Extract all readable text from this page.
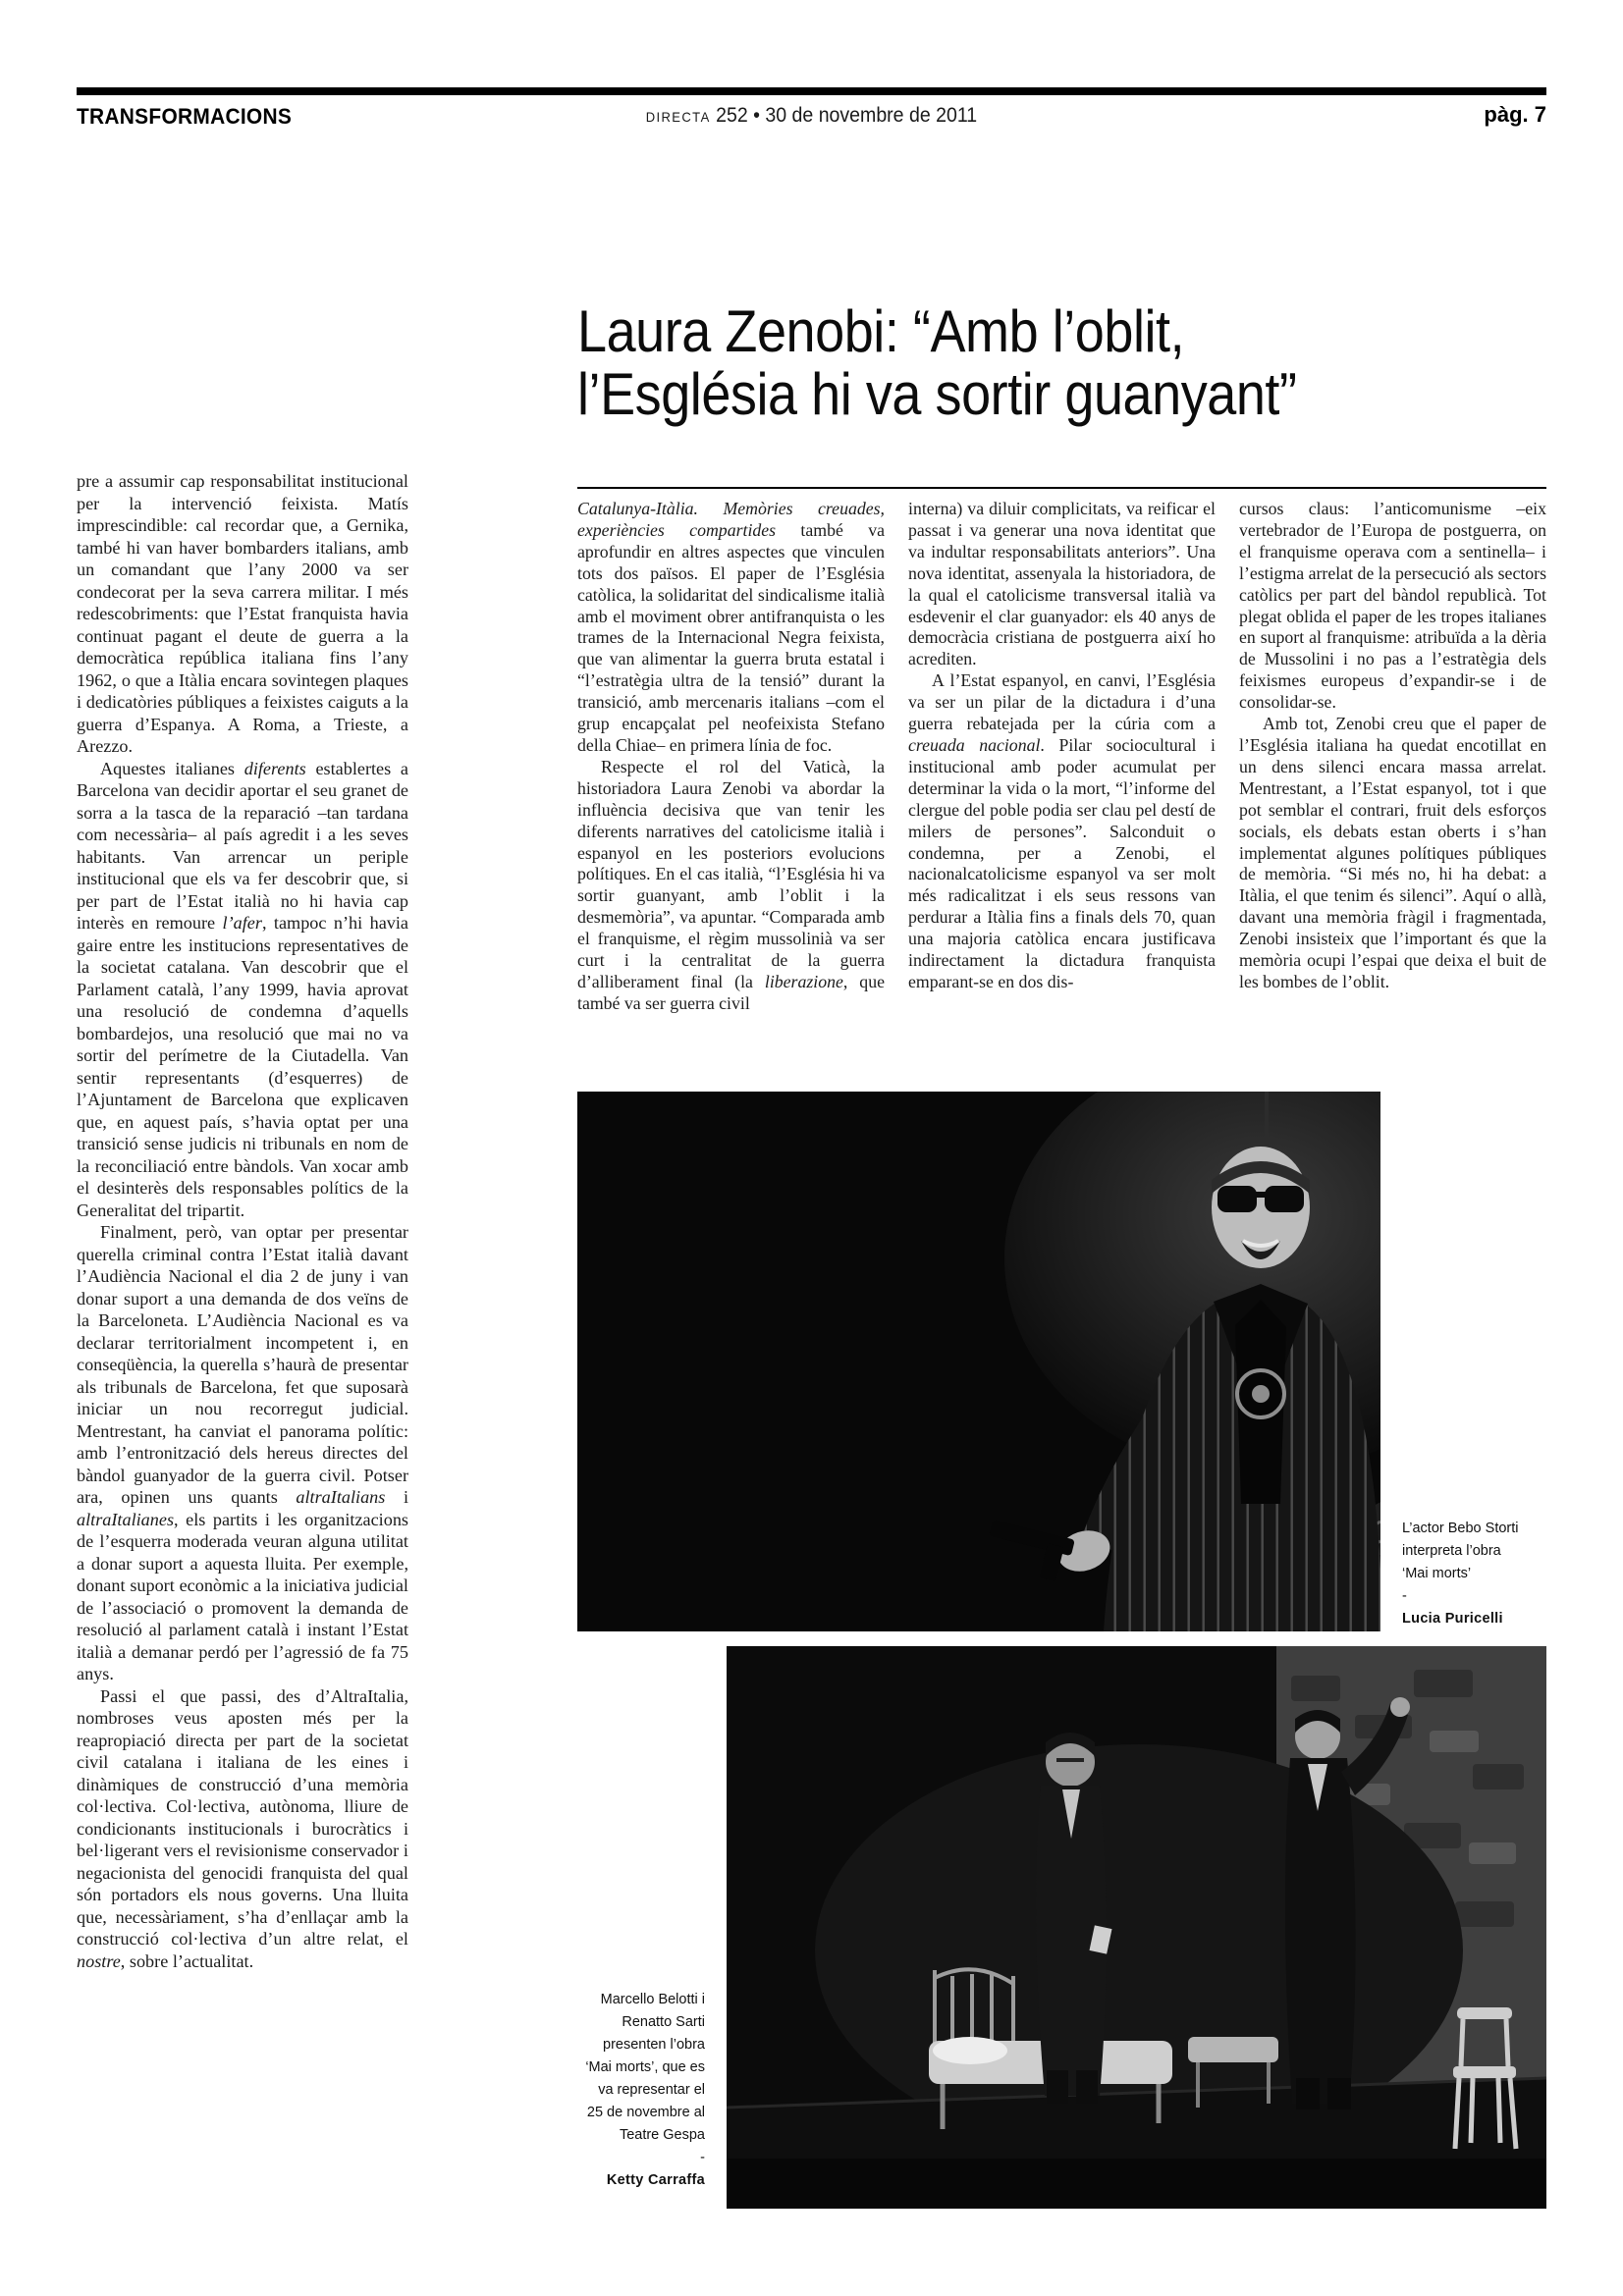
TRANSFORMACIONS	DIRECTA 252 • 30 de novembre de 2011	pàg. 7

pre a assumir cap responsabilitat institucional per la intervenció feixista. Matís imprescindible: cal recordar que, a Gernika, també hi van haver bombarders italians, amb un comandant que l’any 2000 va ser condecorat per la seva carrera militar. I més redescobriments: que l’Estat franquista havia continuat pagant el deute de guerra a la democràtica república italiana fins l’any 1962, o que a Itàlia encara sovintegen plaques i dedicatòries públiques a feixistes caiguts a la guerra d’Espanya. A Roma, a Trieste, a Arezzo.

Aquestes italianes diferents establertes a Barcelona van decidir aportar el seu granet de sorra a la tasca de la reparació –tan tardana com necessària– al país agredit i a les seves habitants. Van arrencar un periple institucional que els va fer descobrir que, si per part de l’Estat italià no hi havia cap interès en remoure l’afer, tampoc n’hi havia gaire entre les institucions representatives de la societat catalana. Van descobrir que el Parlament català, l’any 1999, havia aprovat una resolució de condemna d’aquells bombardejos, una resolució que mai no va sortir del perímetre de la Ciutadella. Van sentir representants (d’esquerres) de l’Ajuntament de Barcelona que explicaven que, en aquest país, s’havia optat per una transició sense judicis ni tribunals en nom de la reconciliació entre bàndols. Van xocar amb el desinterès dels responsables polítics de la Generalitat del tripartit.

Finalment, però, van optar per presentar querella criminal contra l’Estat italià davant l’Audiència Nacional el dia 2 de juny i van donar suport a una demanda de dos veïns de la Barceloneta. L’Audiència Nacional es va declarar territorialment incompetent i, en conseqüència, la querella s’haurà de presentar als tribunals de Barcelona, fet que suposarà iniciar un nou recorregut judicial. Mentrestant, ha canviat el panorama polític: amb l’entronització dels hereus directes del bàndol guanyador de la guerra civil. Potser ara, opinen uns quants altraItalians i altraItalianes, els partits i les organitzacions de l’esquerra moderada veuran alguna utilitat a donar suport a aquesta lluita. Per exemple, donant suport econòmic a la iniciativa judicial de l’associació o promovent la demanda de resolució al parlament català i instant l’Estat italià a demanar perdó per l’agressió de fa 75 anys.

Passi el que passi, des d’AltraItalia, nombroses veus aposten més per la reapropiació directa per part de la societat civil catalana i italiana de les eines i dinàmiques de construcció d’una memòria col·lectiva. Col·lectiva, autònoma, lliure de condicionants institucionals i burocràtics i bel·ligerant vers el revisionisme conservador i negacionista del genocidi franquista del qual són portadors els nous governs. Una lluita que, necessàriament, s’ha d’enllaçar amb la construcció col·lectiva d’un altre relat, el nostre, sobre l’actualitat.

Laura Zenobi: “Amb l’oblit,
l’Església hi va sortir guanyant”

Catalunya-Itàlia. Memòries creuades, experiències compartides també va aprofundir en altres aspectes que vinculen tots dos països. El paper de l’Església catòlica, la solidaritat del sindicalisme italià amb el moviment obrer antifranquista o les trames de la Internacional Negra feixista, que van alimentar la guerra bruta estatal i “l’estratègia ultra de la tensió” durant la transició, amb mercenaris italians –com el grup encapçalat pel neofeixista Stefano della Chiae– en primera línia de foc.

Respecte el rol del Vaticà, la historiadora Laura Zenobi va abordar la influència decisiva que van tenir les diferents narratives del catolicisme italià i espanyol en les posteriors evolucions polítiques. En el cas italià, “l’Església hi va sortir guanyant, amb l’oblit i la desmemòria”, va apuntar. “Comparada amb el franquisme, el règim mussolinià va ser curt i la centralitat de la guerra d’alliberament final (la liberazione, que també va ser guerra civil

interna) va diluir complicitats, va reificar el passat i va generar una nova identitat que va indultar responsabilitats anteriors”. Una nova identitat, assenyala la historiadora, de la qual el catolicisme transversal italià va esdevenir el clar guanyador: els 40 anys de democràcia cristiana de postguerra així ho acrediten.

A l’Estat espanyol, en canvi, l’Església va ser un pilar de la dictadura i d’una guerra rebatejada per la cúria com a creuada nacional. Pilar sociocultural i institucional amb poder acumulat per determinar la vida o la mort, “l’informe del clergue del poble podia ser clau pel destí de milers de persones”. Salconduit o condemna, per a Zenobi, el nacionalcatolicisme espanyol va ser molt més radicalitzat i els seus ressons van perdurar a Itàlia fins a finals dels 70, quan una majoria catòlica encara justificava indirectament la dictadura franquista emparant-se en dos dis-

cursos claus: l’anticomunisme –eix vertebrador de l’Europa de postguerra, on el franquisme operava com a sentinella– i l’estigma arrelat de la persecució als sectors catòlics per part del bàndol republicà. Tot plegat oblida el paper de les tropes italianes en suport al franquisme: atribuïda a la dèria de Mussolini i no pas a l’estratègia dels feixismes europeus d’expandir-se i de consolidar-se.

Amb tot, Zenobi creu que el paper de l’Església italiana ha quedat encotillat en un dens silenci encara massa arrelat. Mentrestant, a l’Estat espanyol, tot i que pot semblar el contrari, fruit dels esforços socials, els debats estan oberts i s’han implementat algunes polítiques públiques de memòria. “Si més no, hi ha debat: a Itàlia, el que tenim és silenci”. Aquí o allà, davant una memòria fràgil i fragmentada, Zenobi insisteix que l’important és que la memòria ocupi l’espai que deixa el buit de les bombes de l’oblit.

L’actor Bebo Storti
interpreta l’obra
‘Mai morts’
-
Lucia Puricelli
Marcello Belotti i
Renatto Sarti
presenten l’obra
‘Mai morts’, que es
va representar el
25 de novembre al
Teatre Gespa
-
Ketty Carraffa
